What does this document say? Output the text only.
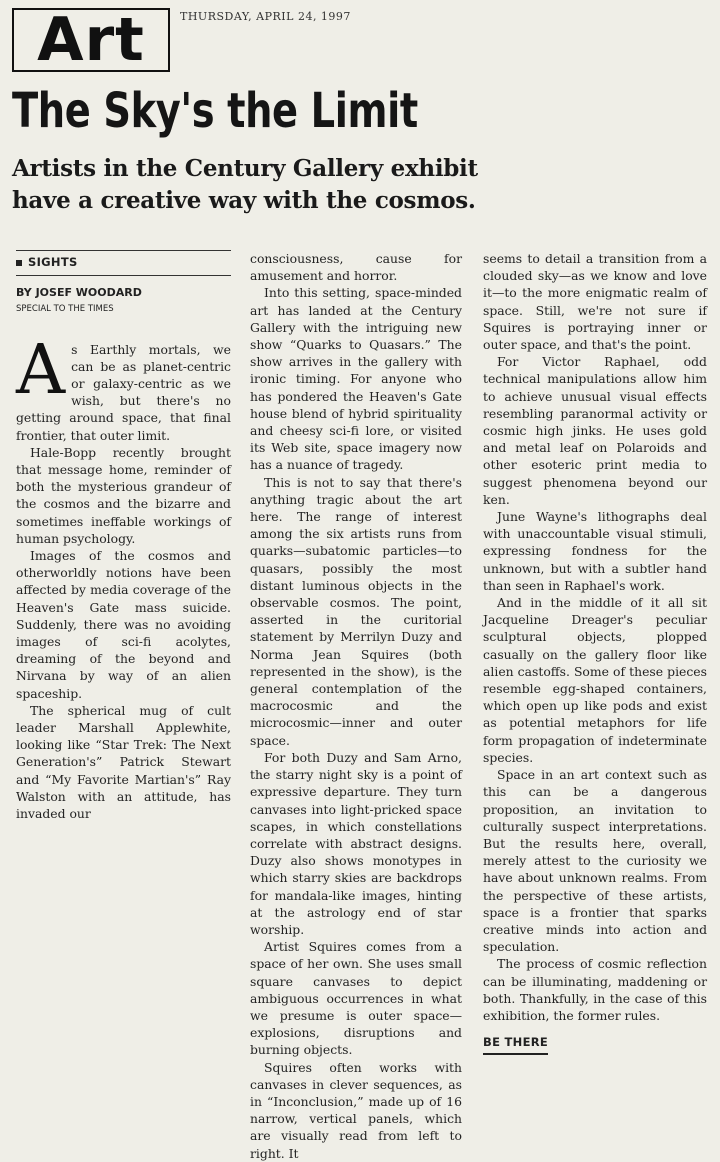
Art	THURSDAY, APRIL 24, 1997
The Sky's the Limit
Artists in the Century Gallery exhibit
have a creative way with the cosmos.
SIGHTS
BY JOSEF WOODARD
SPECIAL TO THE TIMES

As Earthly mortals, we can be as planet-centric or galaxy-centric as we wish, but there's no getting around space, that final frontier, that outer limit.

Hale-Bopp recently brought that message home, reminder of both the mysterious grandeur of the cosmos and the bizarre and sometimes ineffable workings of human psychology.

Images of the cosmos and otherworldly notions have been affected by media coverage of the Heaven's Gate mass suicide. Suddenly, there was no avoiding images of sci-fi acolytes, dreaming of the beyond and Nirvana by way of an alien spaceship.

The spherical mug of cult leader Marshall Applewhite, looking like “Star Trek: The Next Generation's” Patrick Stewart and “My Favorite Martian's” Ray Walston with an attitude, has invaded our

consciousness, cause for amusement and horror.

Into this setting, space-minded art has landed at the Century Gallery with the intriguing new show “Quarks to Quasars.” The show arrives in the gallery with ironic timing. For anyone who has pondered the Heaven's Gate house blend of hybrid spirituality and cheesy sci-fi lore, or visited its Web site, space imagery now has a nuance of tragedy.

This is not to say that there's anything tragic about the art here. The range of interest among the six artists runs from quarks—subatomic particles—to quasars, possibly the most distant luminous objects in the observable cosmos. The point, asserted in the curitorial statement by Merrilyn Duzy and Norma Jean Squires (both represented in the show), is the general contemplation of the macrocosmic and the microcosmic—inner and outer space.

For both Duzy and Sam Arno, the starry night sky is a point of expressive departure. They turn canvases into light-pricked space scapes, in which constellations correlate with abstract designs. Duzy also shows monotypes in which starry skies are backdrops for mandala-like images, hinting at the astrology end of star worship.

Artist Squires comes from a space of her own. She uses small square canvases to depict ambiguous occurrences in what we presume is outer space—explosions, disruptions and burning objects.

Squires often works with canvases in clever sequences, as in “Inconclusion,” made up of 16 narrow, vertical panels, which are visually read from left to right. It

seems to detail a transition from a clouded sky—as we know and love it—to the more enigmatic realm of space. Still, we're not sure if Squires is portraying inner or outer space, and that's the point.

For Victor Raphael, odd technical manipulations allow him to achieve unusual visual effects resembling paranormal activity or cosmic high jinks. He uses gold and metal leaf on Polaroids and other esoteric print media to suggest phenomena beyond our ken.

June Wayne's lithographs deal with unaccountable visual stimuli, expressing fondness for the unknown, but with a subtler hand than seen in Raphael's work.

And in the middle of it all sit Jacqueline Dreager's peculiar sculptural objects, plopped casually on the gallery floor like alien castoffs. Some of these pieces resemble egg-shaped containers, which open up like pods and exist as potential metaphors for life form propagation of indeterminate species.

Space in an art context such as this can be a dangerous proposition, an invitation to culturally suspect interpretations. But the results here, overall, merely attest to the curiosity we have about unknown realms. From the perspective of these artists, space is a frontier that sparks creative minds into action and speculation.

The process of cosmic reflection can be illuminating, maddening or both. Thankfully, in the case of this exhibition, the former rules.

BE THERE
